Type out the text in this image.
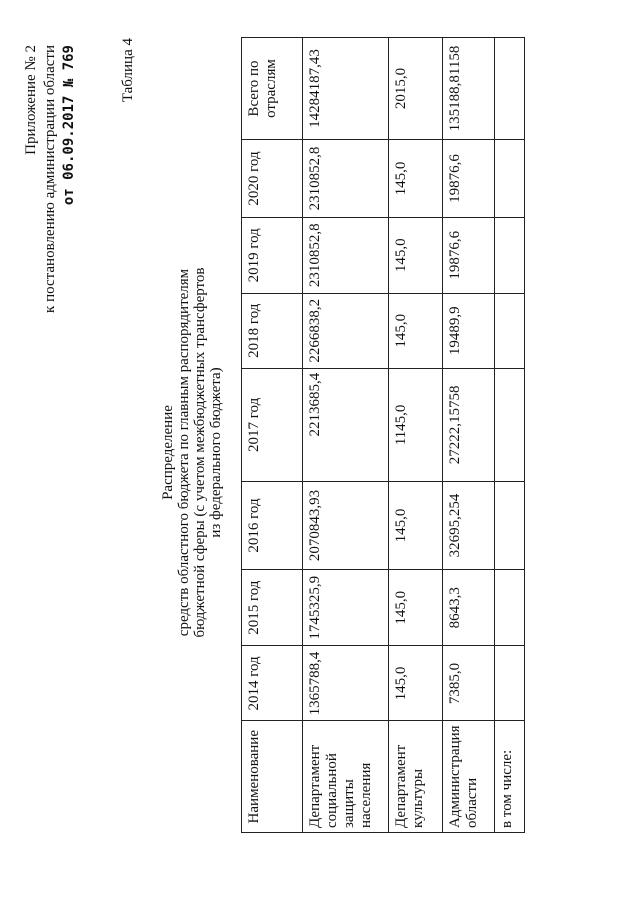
Приложение № 2 к постановлению администрации области от 06.09.2017 № 769	Таблица 4
Распределение средств областного бюджета по главным распорядителям бюджетной сферы (с учетом межбюджетных трансфертов из федерального бюджета)
Наименование	2014 год	2015 год	2016 год	2017 год	2018 год	2019 год	2020 год	Всего по отраслям
Департамент социальной защиты населения	1365788,4	1745325,9	2070843,93	2213685,4	2266838,2	2310852,8	2310852,8	14284187,43
Департамент культуры	145,0	145,0	145,0	1145,0	145,0	145,0	145,0	2015,0
Администрация области	7385,0	8643,3	32695,254	27222,15758	19489,9	19876,6	19876,6	135188,81158
в том числе:								
